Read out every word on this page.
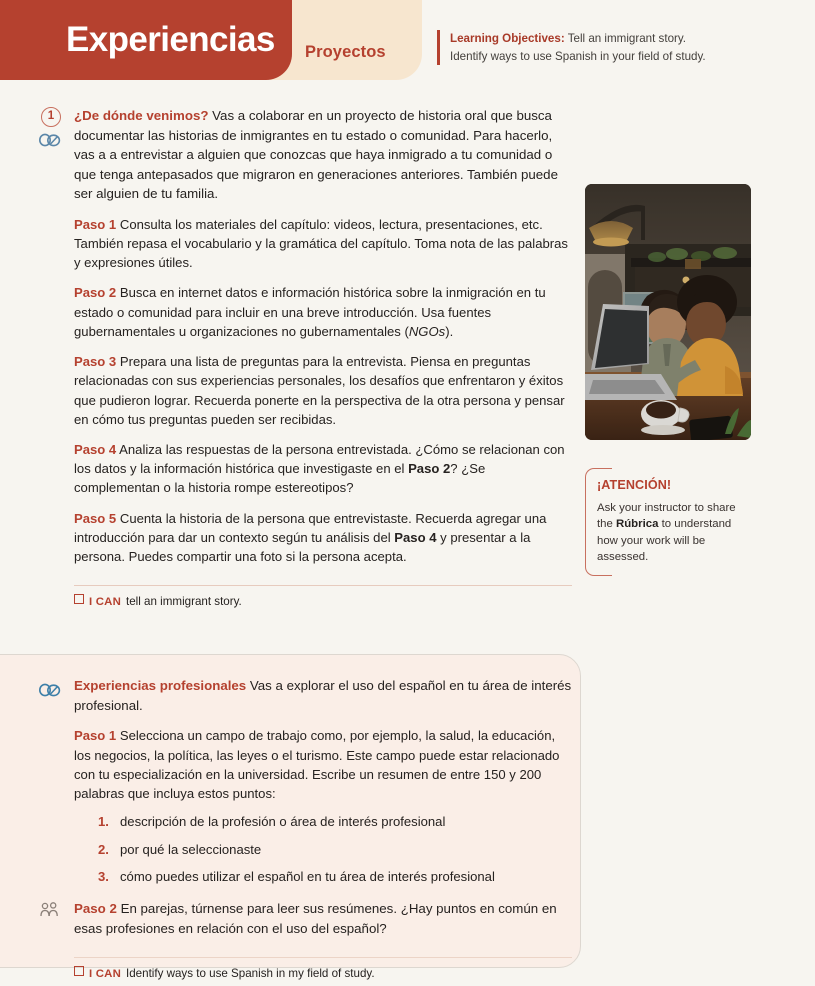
Experiencias Proyectos
Learning Objectives: Tell an immigrant story.
Identify ways to use Spanish in your field of study.
1	¿De dónde venimos? Vas a colaborar en un proyecto de historia oral que busca documentar las historias de inmigrantes en tu estado o comunidad. Para hacerlo, vas a a entrevistar a alguien que conozcas que haya inmigrado a tu comunidad o que tenga antepasados que migraron en generaciones anteriores. También puede ser alguien de tu familia.
Paso 1 Consulta los materiales del capítulo: videos, lectura, presentaciones, etc. También repasa el vocabulario y la gramática del capítulo. Toma nota de las palabras y expresiones útiles.
Paso 2 Busca en internet datos e información histórica sobre la inmigración en tu estado o comunidad para incluir en una breve introducción. Usa fuentes gubernamentales u organizaciones no gubernamentales (NGOs).
Paso 3 Prepara una lista de preguntas para la entrevista. Piensa en preguntas relacionadas con sus experiencias personales, los desafíos que enfrentaron y éxitos que pudieron lograr. Recuerda ponerte en la perspectiva de la otra persona y pensar en cómo tus preguntas pueden ser recibidas.
Paso 4 Analiza las respuestas de la persona entrevistada. ¿Cómo se relacionan con los datos y la información histórica que investigaste en el Paso 2? ¿Se complementan o la historia rompe estereotipos?
Paso 5 Cuenta la historia de la persona que entrevistaste. Recuerda agregar una introducción para dar un contexto según tu análisis del Paso 4 y presentar a la persona. Puedes compartir una foto si la persona acepta.
I CAN tell an immigrant story.
¡ATENCIÓN!
Ask your instructor to share the Rúbrica to understand how your work will be assessed.
Experiencias profesionales Vas a explorar el uso del español en tu área de interés profesional.
Paso 1 Selecciona un campo de trabajo como, por ejemplo, la salud, la educación, los negocios, la política, las leyes o el turismo. Este campo puede estar relacionado con tu especialización en la universidad. Escribe un resumen de entre 150 y 200 palabras que incluya estos puntos:
1. descripción de la profesión o área de interés profesional
2. por qué la seleccionaste
3. cómo puedes utilizar el español en tu área de interés profesional
Paso 2 En parejas, túrnense para leer sus resúmenes. ¿Hay puntos en común en esas profesiones en relación con el uso del español?
I CAN Identify ways to use Spanish in my field of study.
